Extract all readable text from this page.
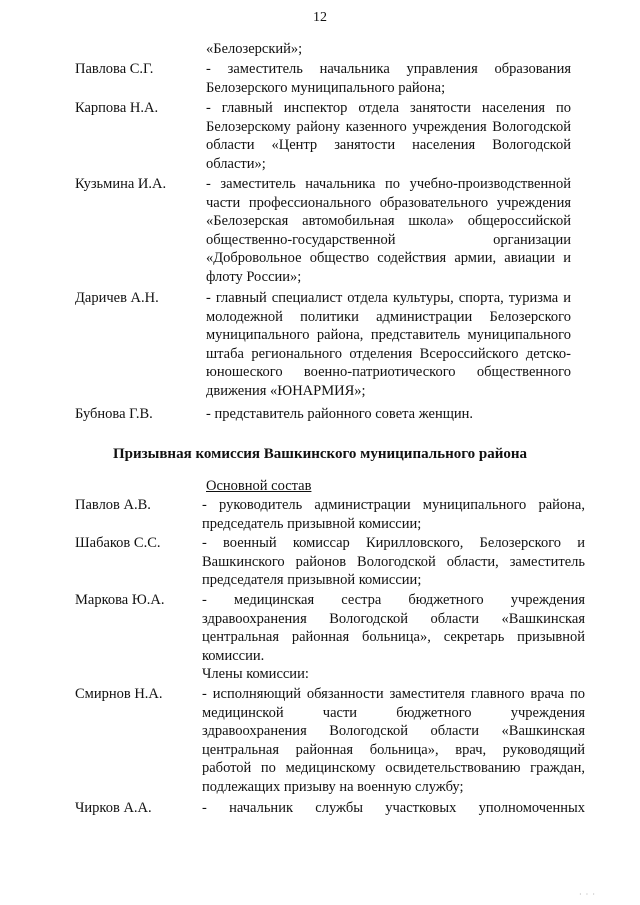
12
«Белозерский»;
Павлова С.Г.	- заместитель начальника управления образования Белозерского муниципального района;
Карпова Н.А.	- главный инспектор отдела занятости населения по Белозерскому району казенного учреждения Вологодской области «Центр занятости населения Вологодской области»;
Кузьмина И.А.	- заместитель начальника по учебно-производственной части профессионального образовательного учреждения «Белозерская автомобильная школа» общероссийской общественно-государственной организации «Добровольное общество содействия армии, авиации и флоту России»;
Даричев А.Н.	- главный специалист отдела культуры, спорта, туризма и молодежной политики администрации Белозерского муниципального района, представитель муниципального штаба регионального отделения Всероссийского детско-юношеского военно-патриотического общественного движения «ЮНАРМИЯ»;
Бубнова Г.В.	- представитель районного совета женщин.
Призывная комиссия Вашкинского муниципального района
Основной состав
Павлов А.В.	- руководитель администрации муниципального района, председатель призывной комиссии;
Шабаков С.С.	- военный комиссар Кирилловского, Белозерского и Вашкинского районов Вологодской области, заместитель председателя призывной комиссии;
Маркова Ю.А.	- медицинская сестра бюджетного учреждения здравоохранения Вологодской области «Вашкинская центральная районная больница», секретарь призывной комиссии.
Члены комиссии:
Смирнов Н.А.	- исполняющий обязанности заместителя главного врача по медицинской части бюджетного учреждения здравоохранения Вологодской области «Вашкинская центральная районная больница», врач, руководящий работой по медицинскому освидетельствованию граждан, подлежащих призыву на военную службу;
Чирков А.А.	- начальник службы участковых уполномоченных
· · ·
